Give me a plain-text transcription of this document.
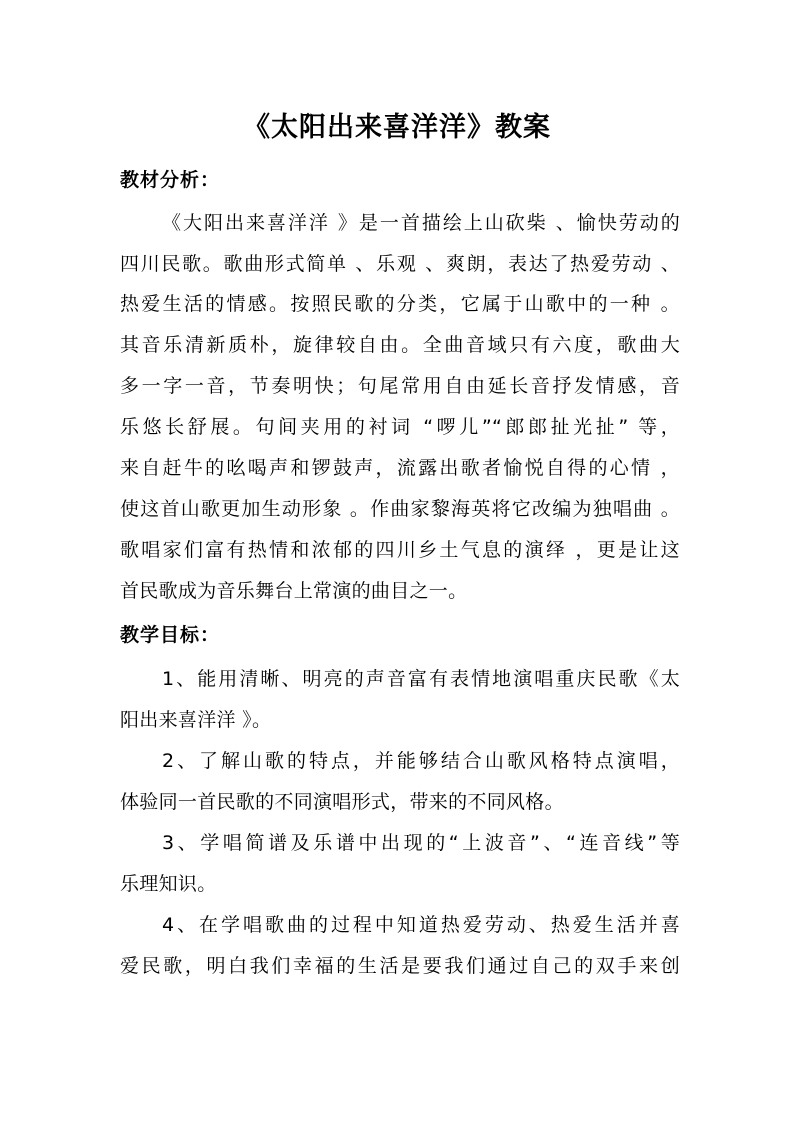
《太阳出来喜洋洋》教案
教材分析：
《大阳出来喜洋洋 》是一首描绘上山砍柴 、愉快劳动的
四川民歌。歌曲形式简单 、乐观 、爽朗，表达了热爱劳动 、
热爱生活的情感。按照民歌的分类，它属于山歌中的一种 。
其音乐清新质朴，旋律较自由。全曲音域只有六度，歌曲大
多一字一音，节奏明快；句尾常用自由延长音抒发情感，音
乐悠长舒展。句间夹用的衬词 “啰儿”“郎郎扯光扯” 等，
来自赶牛的吆喝声和锣鼓声，流露出歌者愉悦自得的心情 ，
使这首山歌更加生动形象 。作曲家黎海英将它改编为独唱曲 。
歌唱家们富有热情和浓郁的四川乡土气息的演绎 ，更是让这
首民歌成为音乐舞台上常演的曲目之一。
教学目标：
1、能用清晰、明亮的声音富有表情地演唱重庆民歌《太
阳出来喜洋洋 》。
2、了解山歌的特点，并能够结合山歌风格特点演唱，
体验同一首民歌的不同演唱形式，带来的不同风格。
3、学唱简谱及乐谱中出现的“上波音”、“连音线”等
乐理知识。
4、在学唱歌曲的过程中知道热爱劳动、热爱生活并喜
爱民歌，明白我们幸福的生活是要我们通过自己的双手来创
